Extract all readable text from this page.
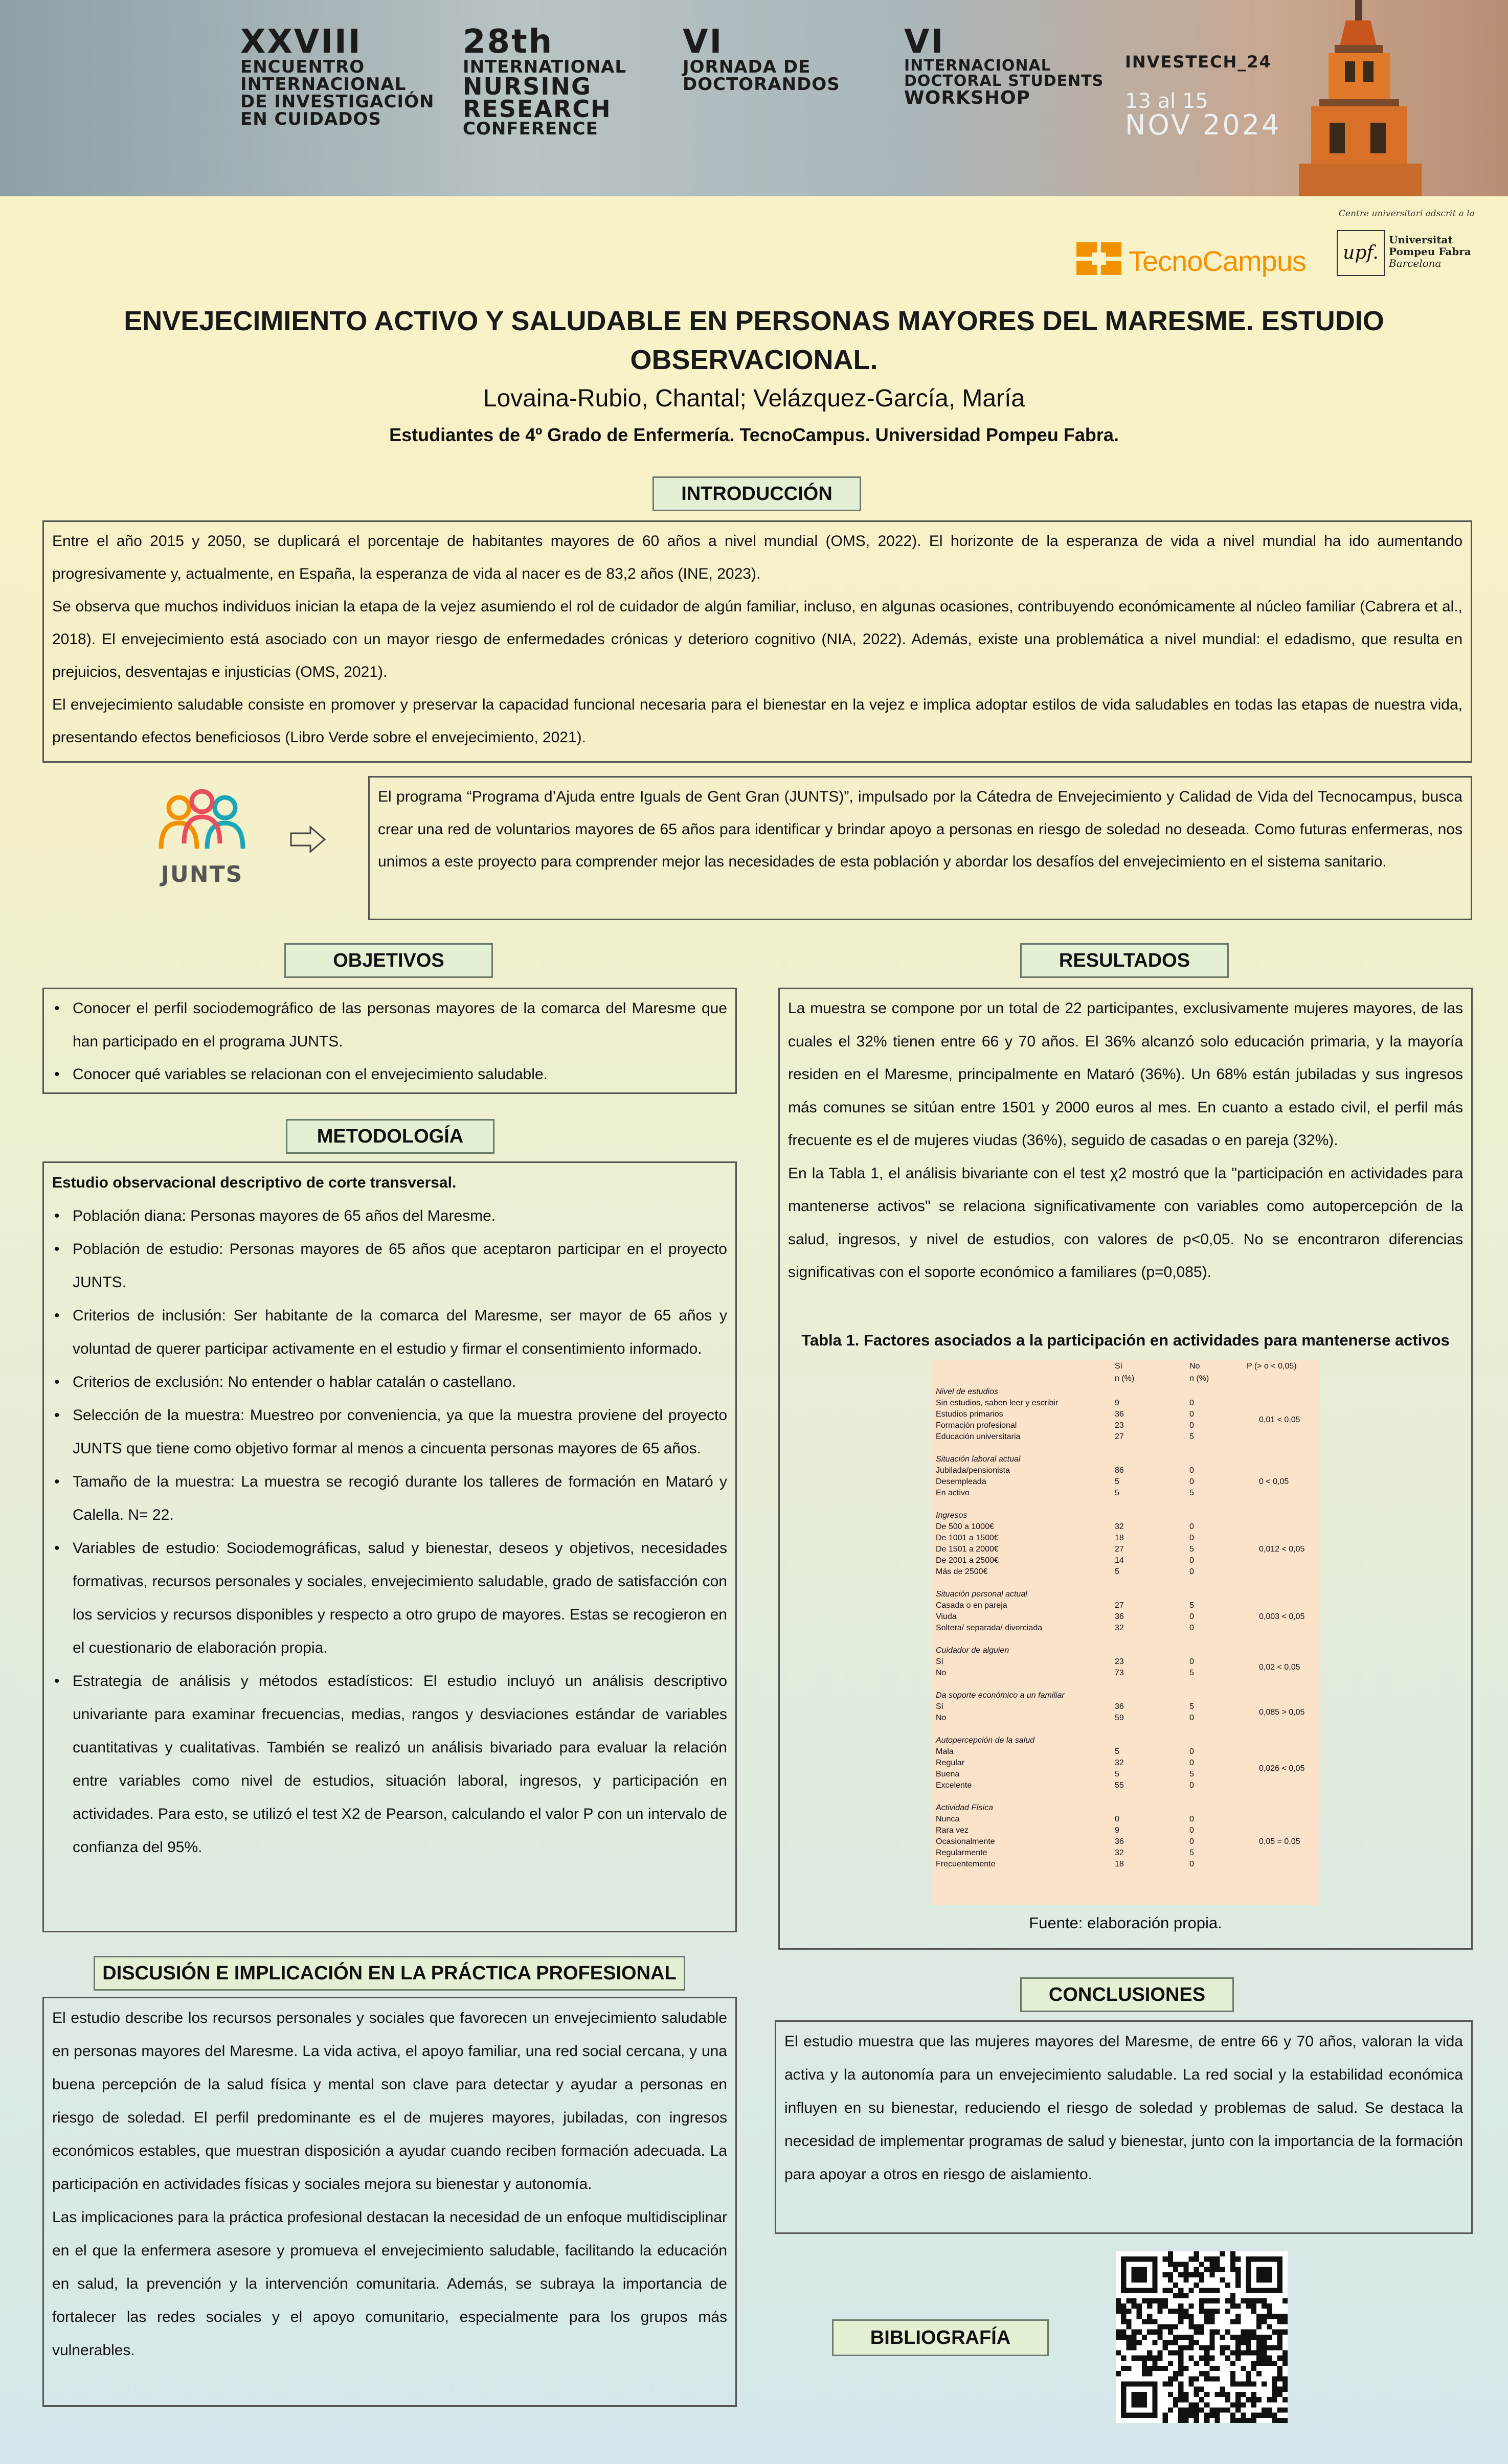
XXVIII
ENCUENTRO
INTERNACIONAL
DE INVESTIGACIÓN
EN CUIDADOS
28th
INTERNATIONAL
NURSING
RESEARCH
CONFERENCE
VI
JORNADA DE
DOCTORANDOS
VI
INTERNACIONAL
DOCTORAL STUDENTS
WORKSHOP
INVESTECH_24
13 al 15
NOV 2024
Centre universitari adscrit a la
upf.
Universitat
Pompeu Fabra
Barcelona
TecnoCampus
ENVEJECIMIENTO ACTIVO Y SALUDABLE EN PERSONAS MAYORES DEL MARESME. ESTUDIO
OBSERVACIONAL.
Lovaina-Rubio, Chantal; Velázquez-García, María
Estudiantes de 4º Grado de Enfermería. TecnoCampus. Universidad Pompeu Fabra.
INTRODUCCIÓN

Entre el año 2015 y 2050, se duplicará el porcentaje de habitantes mayores de 60 años a nivel mundial (OMS, 2022). El horizonte de la esperanza de vida a nivel mundial ha ido aumentando progresivamente y, actualmente, en España, la esperanza de vida al nacer es de 83,2 años (INE, 2023).

Se observa que muchos individuos inician la etapa de la vejez asumiendo el rol de cuidador de algún familiar, incluso, en algunas ocasiones, contribuyendo económicamente al núcleo familiar (Cabrera et al., 2018). El envejecimiento está asociado con un mayor riesgo de enfermedades crónicas y deterioro cognitivo (NIA, 2022). Además, existe una problemática a nivel mundial: el edadismo, que resulta en prejuicios, desventajas e injusticias (OMS, 2021).

El envejecimiento saludable consiste en promover y preservar la capacidad funcional necesaria para el bienestar en la vejez e implica adoptar estilos de vida saludables en todas las etapas de nuestra vida, presentando efectos beneficiosos (Libro Verde sobre el envejecimiento, 2021).

JUNTS

El programa “Programa d’Ajuda entre Iguals de Gent Gran (JUNTS)”, impulsado por la Cátedra de Envejecimiento y Calidad de Vida del Tecnocampus, busca crear una red de voluntarios mayores de 65 años para identificar y brindar apoyo a personas en riesgo de soledad no deseada. Como futuras enfermeras, nos unimos a este proyecto para comprender mejor las necesidades de esta población y abordar los desafíos del envejecimiento en el sistema sanitario.

OBJETIVOS
• Conocer el perfil sociodemográfico de las personas mayores de la comarca del Maresme que han participado en el programa JUNTS.
• Conocer qué variables se relacionan con el envejecimiento saludable.
METODOLOGÍA

Estudio observacional descriptivo de corte transversal.

• Población diana: Personas mayores de 65 años del Maresme.
• Población de estudio: Personas mayores de 65 años que aceptaron participar en el proyecto JUNTS.
• Criterios de inclusión: Ser habitante de la comarca del Maresme, ser mayor de 65 años y voluntad de querer participar activamente en el estudio y firmar el consentimiento informado.
• Criterios de exclusión: No entender o hablar catalán o castellano.
• Selección de la muestra: Muestreo por conveniencia, ya que la muestra proviene del proyecto JUNTS que tiene como objetivo formar al menos a cincuenta personas mayores de 65 años.
• Tamaño de la muestra: La muestra se recogió durante los talleres de formación en Mataró y Calella. N= 22.
• Variables de estudio: Sociodemográficas, salud y bienestar, deseos y objetivos, necesidades formativas, recursos personales y sociales, envejecimiento saludable, grado de satisfacción con los servicios y recursos disponibles y respecto a otro grupo de mayores. Estas se recogieron en el cuestionario de elaboración propia.
• Estrategia de análisis y métodos estadísticos: El estudio incluyó un análisis descriptivo univariante para examinar frecuencias, medias, rangos y desviaciones estándar de variables cuantitativas y cualitativas. También se realizó un análisis bivariado para evaluar la relación entre variables como nivel de estudios, situación laboral, ingresos, y participación en actividades. Para esto, se utilizó el test X2 de Pearson, calculando el valor P con un intervalo de confianza del 95%.
DISCUSIÓN E IMPLICACIÓN EN LA PRÁCTICA PROFESIONAL

El estudio describe los recursos personales y sociales que favorecen un envejecimiento saludable en personas mayores del Maresme. La vida activa, el apoyo familiar, una red social cercana, y una buena percepción de la salud física y mental son clave para detectar y ayudar a personas en riesgo de soledad. El perfil predominante es el de mujeres mayores, jubiladas, con ingresos económicos estables, que muestran disposición a ayudar cuando reciben formación adecuada. La participación en actividades físicas y sociales mejora su bienestar y autonomía.

Las implicaciones para la práctica profesional destacan la necesidad de un enfoque multidisciplinar en el que la enfermera asesore y promueva el envejecimiento saludable, facilitando la educación en salud, la prevención y la intervención comunitaria. Además, se subraya la importancia de fortalecer las redes sociales y el apoyo comunitario, especialmente para los grupos más vulnerables.

RESULTADOS

La muestra se compone por un total de 22 participantes, exclusivamente mujeres mayores, de las cuales el 32% tienen entre 66 y 70 años. El 36% alcanzó solo educación primaria, y la mayoría residen en el Maresme, principalmente en Mataró (36%). Un 68% están jubiladas y sus ingresos más comunes se sitúan entre 1501 y 2000 euros al mes. En cuanto a estado civil, el perfil más frecuente es el de mujeres viudas (36%), seguido de casadas o en pareja (32%).

En la Tabla 1, el análisis bivariante con el test χ2 mostró que la "participación en actividades para mantenerse activos" se relaciona significativamente con variables como autopercepción de la salud, ingresos, y nivel de estudios, con valores de p<0,05. No se encontraron diferencias significativas con el soporte económico a familiares (p=0,085).

Tabla 1. Factores asociados a la participación en actividades para mantenerse activos
Sí	No	P (> o < 0,05)
n (%)	n (%)
Nivel de estudios
Sin estudios, saben leer y escribir	9	0
Estudios primarios	36	0
Formación profesional	23	0
Educación universitaria	27	5
0,01 < 0,05
Situación laboral actual
Jubilada/pensionista	86	0
Desempleada	5	0
En activo	5	5
0 < 0,05
Ingresos
De 500 a 1000€	32	0
De 1001 a 1500€	18	0
De 1501 a 2000€	27	5
De 2001 a 2500€	14	0
Más de 2500€	5	0
0,012 < 0,05
Situación personal actual
Casada o en pareja	27	5
Viuda	36	0
Soltera/ separada/ divorciada	32	0
0,003 < 0,05
Cuidador de alguien
Sí	23	0
No	73	5
0,02 < 0,05
Da soporte económico a un familiar
Sí	36	5
No	59	0
0,085 > 0,05
Autopercepción de la salud
Mala	5	0
Regular	32	0
Buena	5	5
Excelente	55	0
0,026 < 0,05
Actividad Física
Nunca	0	0
Rara vez	9	0
Ocasionalmente	36	0
Regularmente	32	5
Frecuentemente	18	0
0,05 = 0,05
Fuente: elaboración propia.
CONCLUSIONES

El estudio muestra que las mujeres mayores del Maresme, de entre 66 y 70 años, valoran la vida activa y la autonomía para un envejecimiento saludable. La red social y la estabilidad económica influyen en su bienestar, reduciendo el riesgo de soledad y problemas de salud. Se destaca la necesidad de implementar programas de salud y bienestar, junto con la importancia de la formación para apoyar a otros en riesgo de aislamiento.

BIBLIOGRAFÍA
